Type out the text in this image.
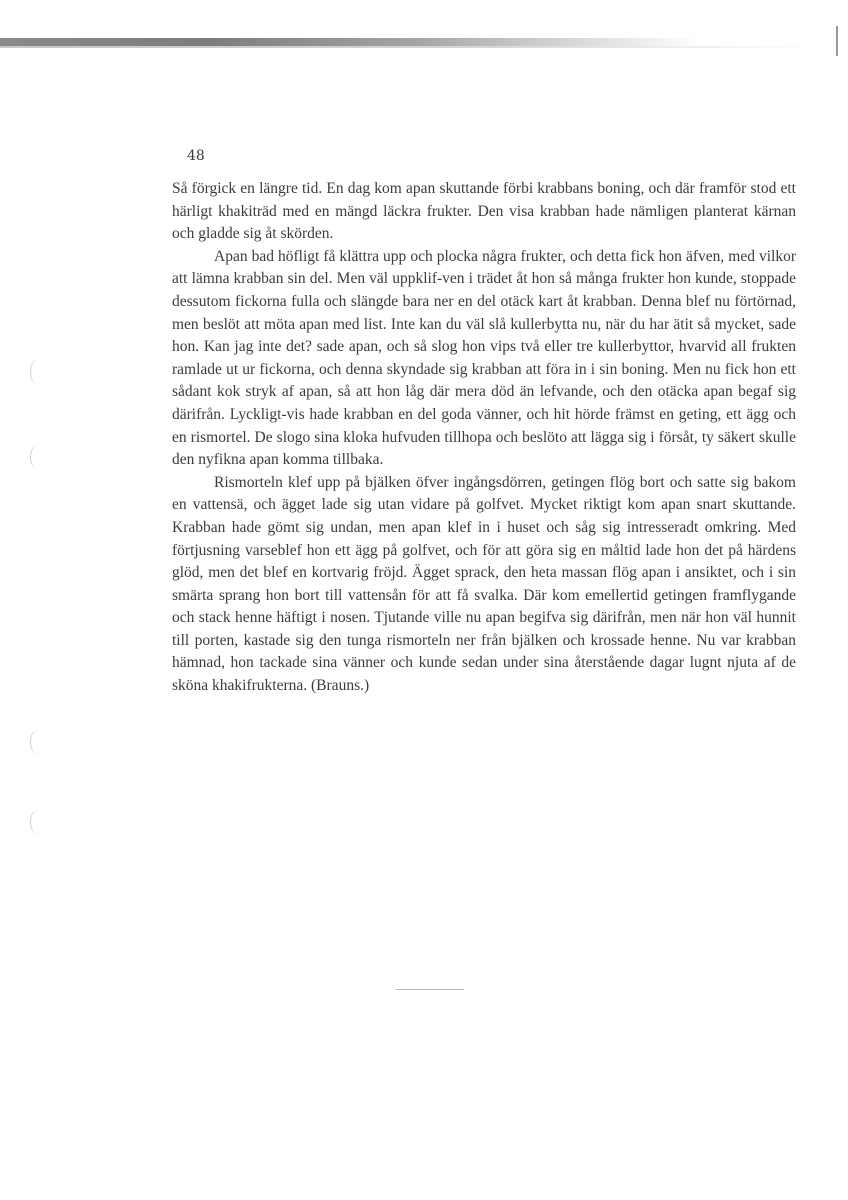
48

Så förgick en längre tid. En dag kom apan skuttande förbi krabbans boning, och där framför stod ett härligt khakiträd med en mängd läckra frukter. Den visa krabban hade nämligen planterat kärnan och gladde sig åt skörden.

Apan bad höfligt få klättra upp och plocka några frukter, och detta fick hon äfven, med vilkor att lämna krabban sin del. Men väl uppklif-ven i trädet åt hon så många frukter hon kunde, stoppade dessutom fickorna fulla och slängde bara ner en del otäck kart åt krabban. Denna blef nu förtörnad, men beslöt att möta apan med list. Inte kan du väl slå kullerbytta nu, när du har ätit så mycket, sade hon. Kan jag inte det? sade apan, och så slog hon vips två eller tre kullerbyttor, hvarvid all frukten ramlade ut ur fickorna, och denna skyndade sig krabban att föra in i sin boning. Men nu fick hon ett sådant kok stryk af apan, så att hon låg där mera död än lefvande, och den otäcka apan begaf sig därifrån. Lyckligt-vis hade krabban en del goda vänner, och hit hörde främst en geting, ett ägg och en rismortel. De slogo sina kloka hufvuden tillhopa och beslöto att lägga sig i försåt, ty säkert skulle den nyfikna apan komma tillbaka.

Rismorteln klef upp på bjälken öfver ingångsdörren, getingen flög bort och satte sig bakom en vattensä, och ägget lade sig utan vidare på golfvet. Mycket riktigt kom apan snart skuttande. Krabban hade gömt sig undan, men apan klef in i huset och såg sig intresseradt omkring. Med förtjusning varseblef hon ett ägg på golfvet, och för att göra sig en måltid lade hon det på härdens glöd, men det blef en kortvarig fröjd. Ägget sprack, den heta massan flög apan i ansiktet, och i sin smärta sprang hon bort till vattensån för att få svalka. Där kom emellertid getingen framflygande och stack henne häftigt i nosen. Tjutande ville nu apan begifva sig därifrån, men när hon väl hunnit till porten, kastade sig den tunga rismorteln ner från bjälken och krossade henne. Nu var krabban hämnad, hon tackade sina vänner och kunde sedan under sina återstående dagar lugnt njuta af de sköna khakifrukterna. (Brauns.)
